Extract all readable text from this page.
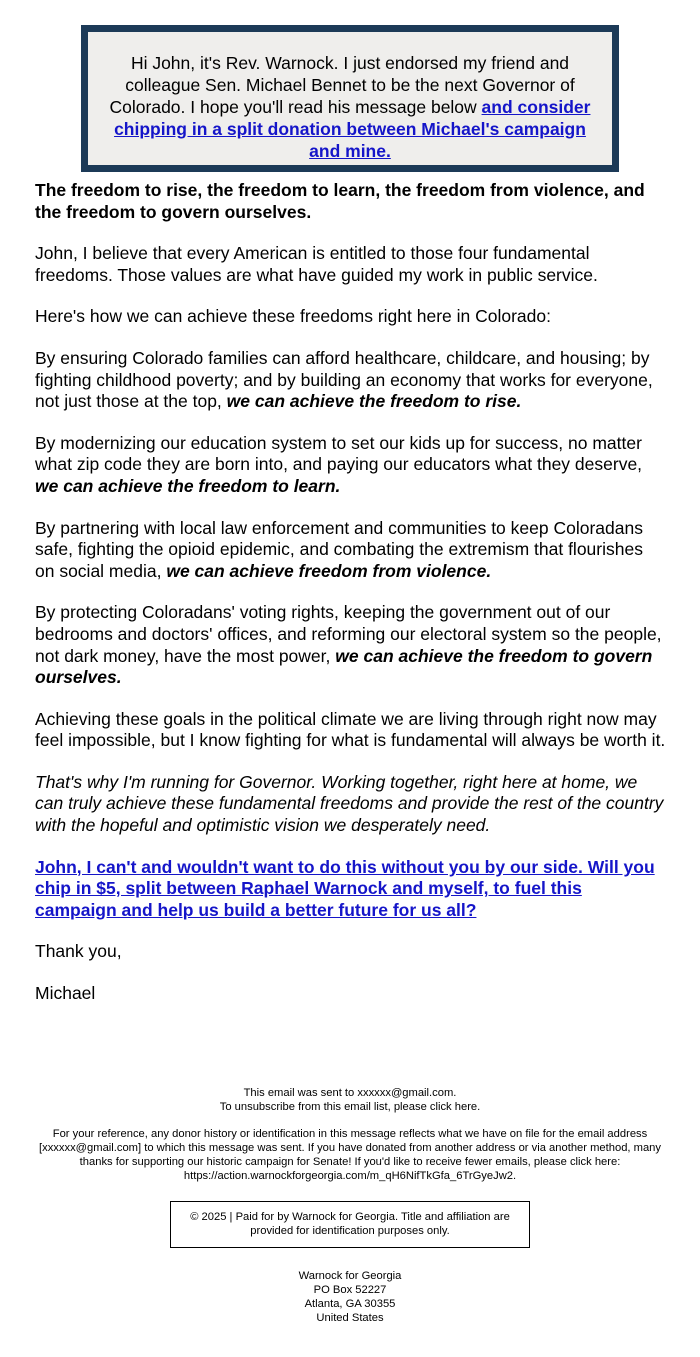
Hi John, it's Rev. Warnock. I just endorsed my friend and colleague Sen. Michael Bennet to be the next Governor of Colorado. I hope you'll read his message below and consider chipping in a split donation between Michael's campaign and mine.

The freedom to rise, the freedom to learn, the freedom from violence, and the freedom to govern ourselves.

John, I believe that every American is entitled to those four fundamental freedoms. Those values are what have guided my work in public service.

Here's how we can achieve these freedoms right here in Colorado:

By ensuring Colorado families can afford healthcare, childcare, and housing; by fighting childhood poverty; and by building an economy that works for everyone, not just those at the top, we can achieve the freedom to rise.

By modernizing our education system to set our kids up for success, no matter what zip code they are born into, and paying our educators what they deserve, we can achieve the freedom to learn.

By partnering with local law enforcement and communities to keep Coloradans safe, fighting the opioid epidemic, and combating the extremism that flourishes on social media, we can achieve freedom from violence.

By protecting Coloradans' voting rights, keeping the government out of our bedrooms and doctors' offices, and reforming our electoral system so the people, not dark money, have the most power, we can achieve the freedom to govern ourselves.

Achieving these goals in the political climate we are living through right now may feel impossible, but I know fighting for what is fundamental will always be worth it.

That's why I'm running for Governor. Working together, right here at home, we can truly achieve these fundamental freedoms and provide the rest of the country with the hopeful and optimistic vision we desperately need.

John, I can't and wouldn't want to do this without you by our side. Will you chip in $5, split between Raphael Warnock and myself, to fuel this campaign and help us build a better future for us all?

Thank you,

Michael

This email was sent to xxxxxx@gmail.com.
To unsubscribe from this email list, please click here.

For your reference, any donor history or identification in this message reflects what we have on file for the email address [xxxxxx@gmail.com] to which this message was sent. If you have donated from another address or via another method, many thanks for supporting our historic campaign for Senate! If you'd like to receive fewer emails, please click here: https://action.warnockforgeorgia.com/m_qH6NifTkGfa_6TrGyeJw2.

© 2025 | Paid for by Warnock for Georgia. Title and affiliation are provided for identification purposes only.
Warnock for Georgia
PO Box 52227
Atlanta, GA 30355
United States
